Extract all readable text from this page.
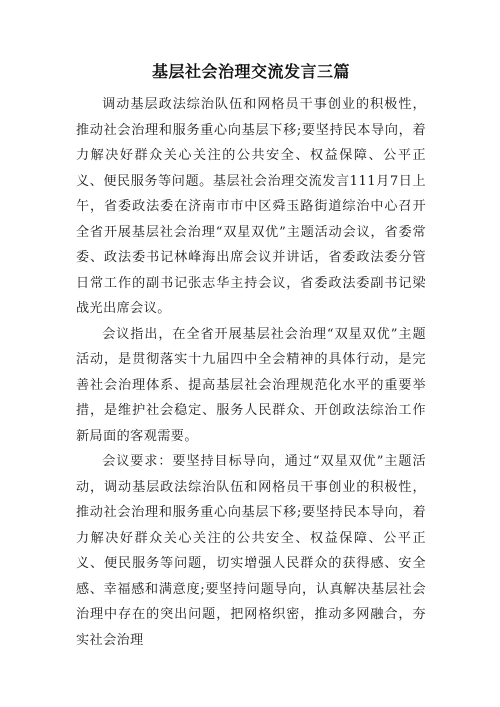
基层社会治理交流发言三篇

调动基层政法综治队伍和网格员干事创业的积极性，推动社会治理和服务重心向基层下移;要坚持民本导向，着力解决好群众关心关注的公共安全、权益保障、公平正义、便民服务等问题。基层社会治理交流发言111月7日上午，省委政法委在济南市市中区舜玉路街道综治中心召开全省开展基层社会治理“双星双优”主题活动会议，省委常委、政法委书记林峰海出席会议并讲话，省委政法委分管日常工作的副书记张志华主持会议，省委政法委副书记梁战光出席会议。

会议指出，在全省开展基层社会治理“双星双优”主题活动，是贯彻落实十九届四中全会精神的具体行动，是完善社会治理体系、提高基层社会治理规范化水平的重要举措，是维护社会稳定、服务人民群众、开创政法综治工作新局面的客观需要。

会议要求：要坚持目标导向，通过“双星双优”主题活动，调动基层政法综治队伍和网格员干事创业的积极性，推动社会治理和服务重心向基层下移;要坚持民本导向，着力解决好群众关心关注的公共安全、权益保障、公平正义、便民服务等问题，切实增强人民群众的获得感、安全感、幸福感和满意度;要坚持问题导向，认真解决基层社会治理中存在的突出问题，把网格织密，推动多网融合，夯实社会治理
